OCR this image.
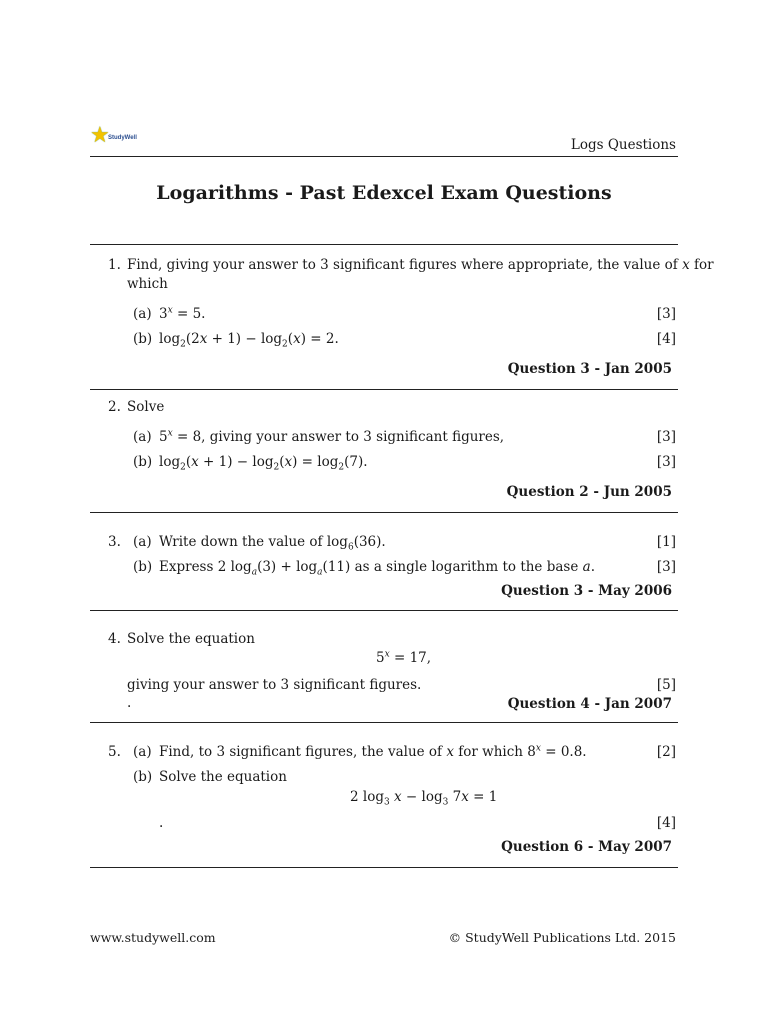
★
StudyWell	Logs Questions
Logarithms - Past Edexcel Exam Questions
1. Find, giving your answer to 3 significant figures where appropriate, the value of x for
which
(a) $3^x = 5$.	[3]
(b) $\log_2(2x + 1) - \log_2(x) = 2$.	[4]
Question 3 - Jan 2005
2. Solve
(a) $5^x = 8$, giving your answer to 3 significant figures,	[3]
(b) $\log_2(x + 1) - \log_2(x) = \log_2(7)$.	[3]
Question 2 - Jun 2005
3. (a) Write down the value of $\log_6(36)$.	[1]
(b) Express 2 $\log_a(3) + \log_a(11)$ as a single logarithm to the base a.	[3]
Question 3 - May 2006
4. Solve the equation
$5^x = 17$,
giving your answer to 3 significant figures.	[5]
.	Question 4 - Jan 2007
5. (a) Find, to 3 significant figures, the value of x for which $8^x = 0.8$.	[2]
(b) Solve the equation
2 $\log_3 x - \log_3 7x = 1$
.	[4]
Question 6 - May 2007
www.studywell.com	© StudyWell Publications Ltd. 2015
